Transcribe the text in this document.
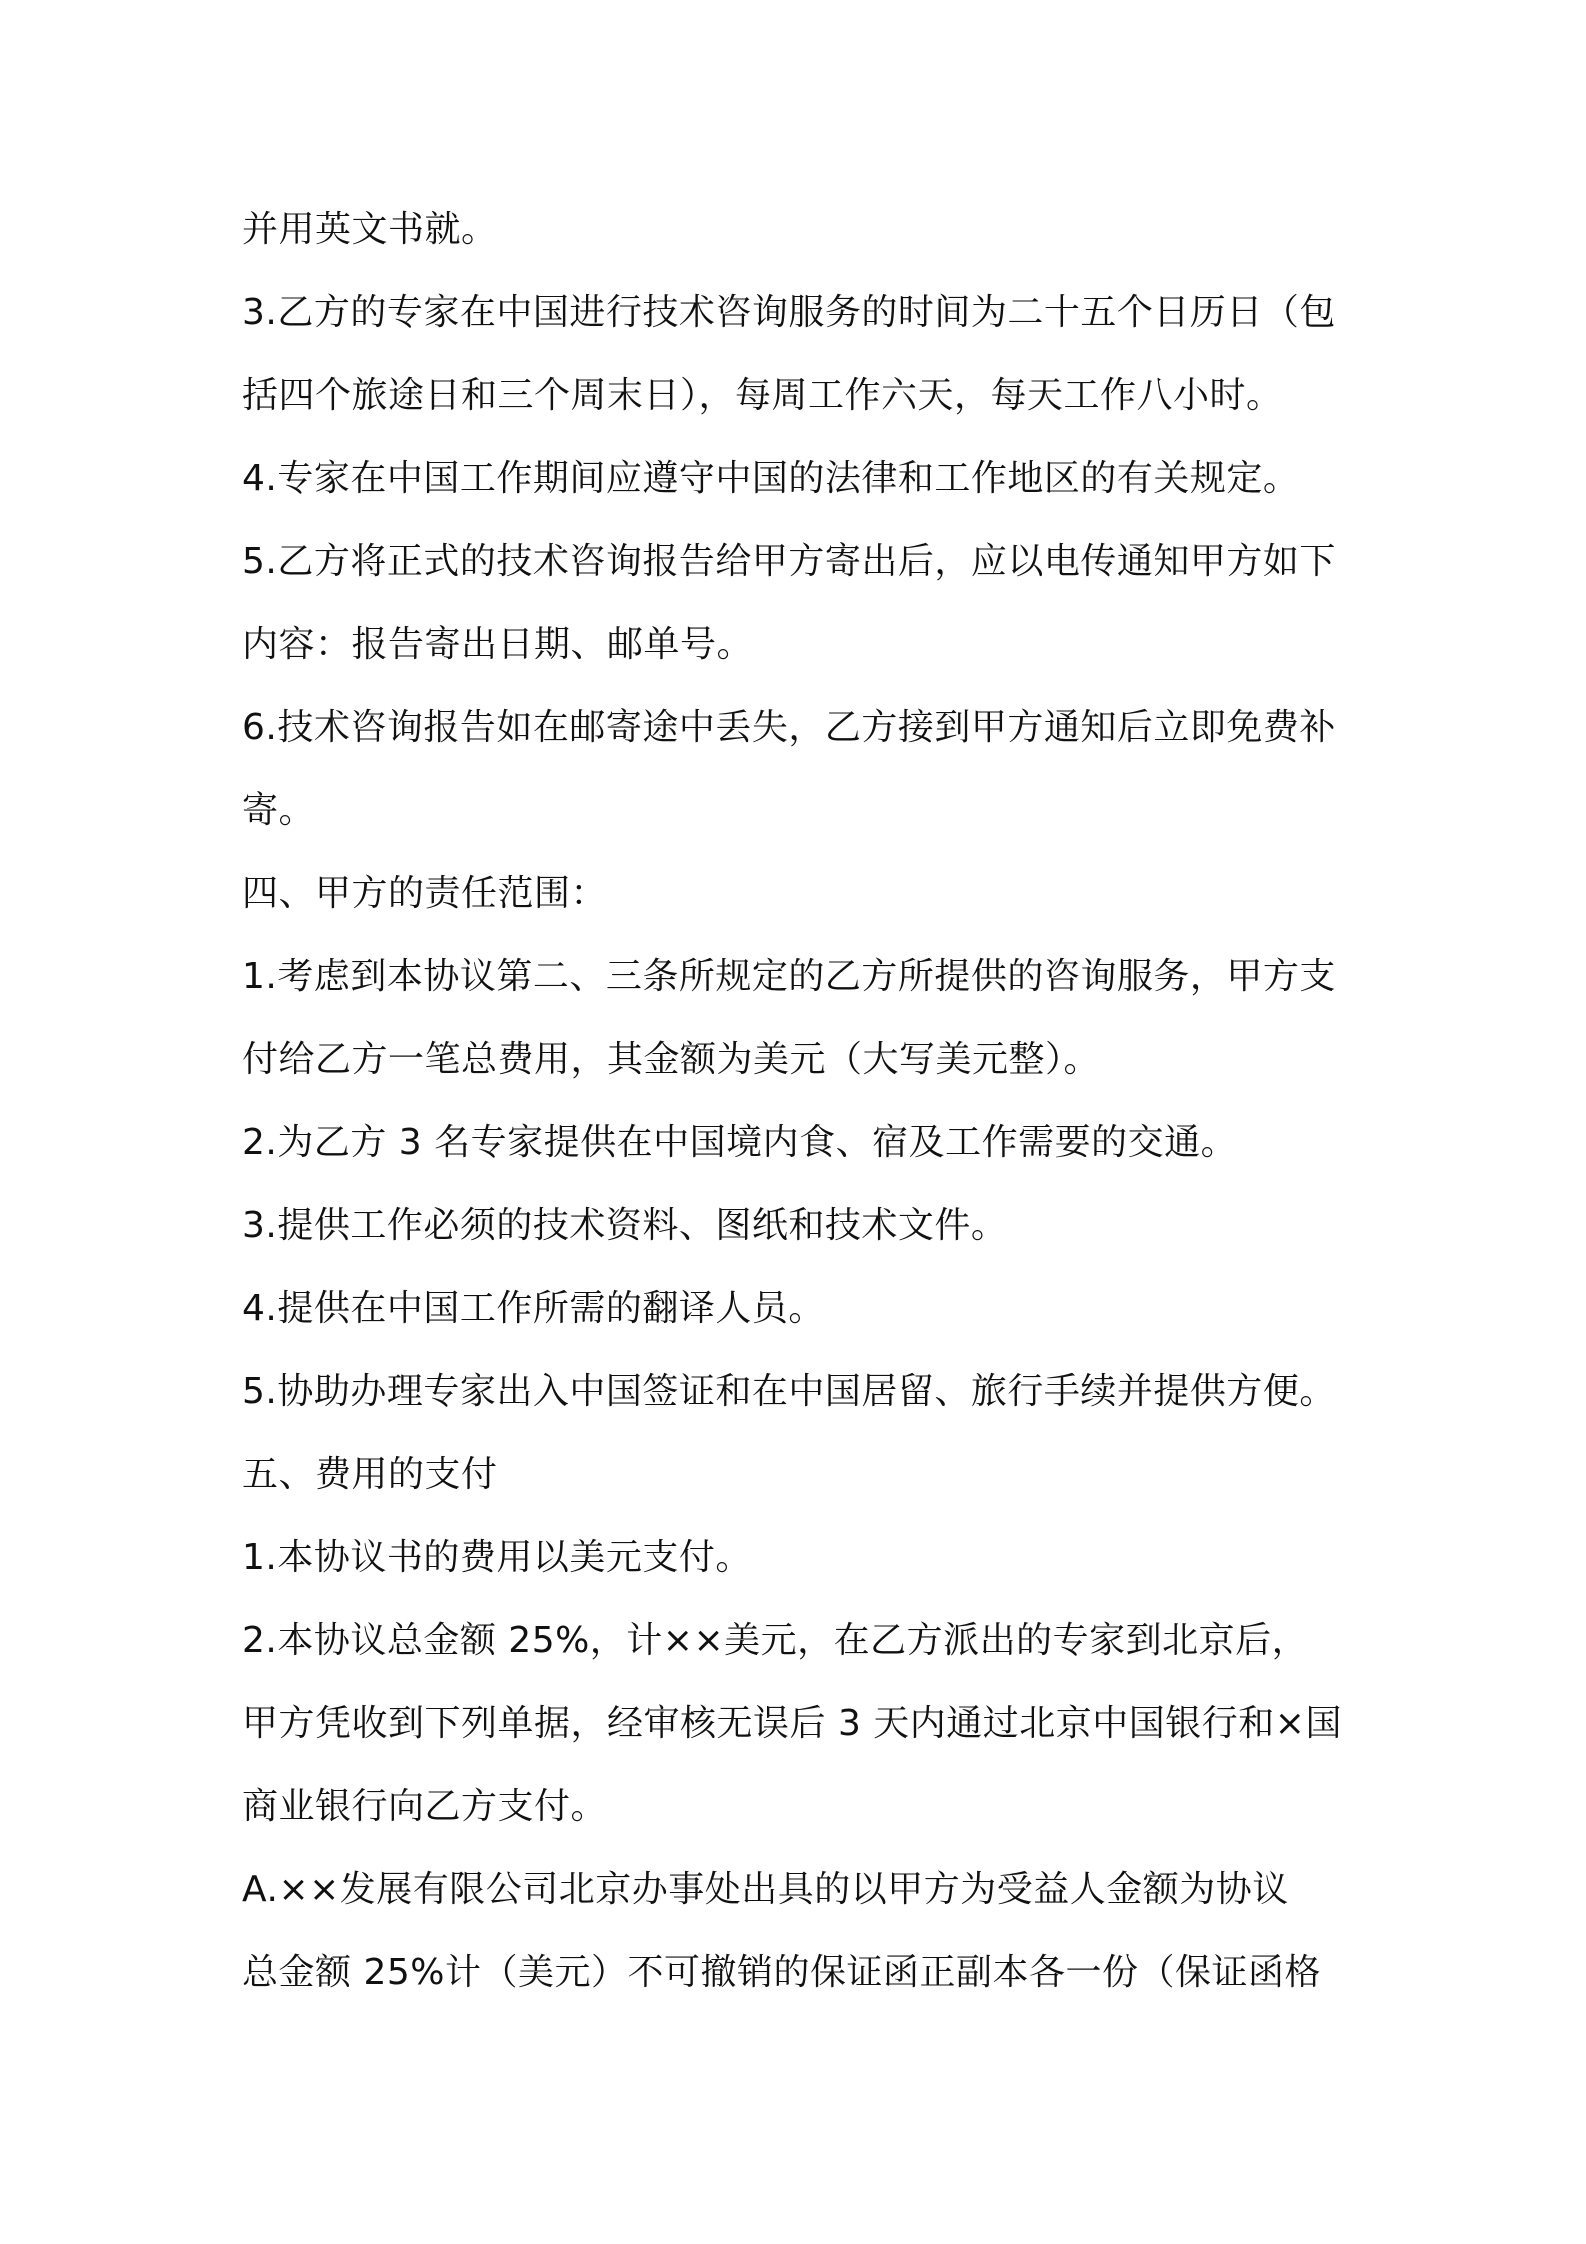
并用英文书就。
3.乙方的专家在中国进行技术咨询服务的时间为二十五个日历日（包
括四个旅途日和三个周末日），每周工作六天，每天工作八小时。
4.专家在中国工作期间应遵守中国的法律和工作地区的有关规定。
5.乙方将正式的技术咨询报告给甲方寄出后，应以电传通知甲方如下
内容：报告寄出日期、邮单号。
6.技术咨询报告如在邮寄途中丢失，乙方接到甲方通知后立即免费补
寄。
四、甲方的责任范围：
1.考虑到本协议第二、三条所规定的乙方所提供的咨询服务，甲方支
付给乙方一笔总费用，其金额为美元（大写美元整）。
2.为乙方 3 名专家提供在中国境内食、宿及工作需要的交通。
3.提供工作必须的技术资料、图纸和技术文件。
4.提供在中国工作所需的翻译人员。
5.协助办理专家出入中国签证和在中国居留、旅行手续并提供方便。
五、费用的支付
1.本协议书的费用以美元支付。
2.本协议总金额 25%，计××美元，在乙方派出的专家到北京后，
甲方凭收到下列单据，经审核无误后 3 天内通过北京中国银行和×国
商业银行向乙方支付。
A.××发展有限公司北京办事处出具的以甲方为受益人金额为协议
总金额 25%计（美元）不可撤销的保证函正副本各一份（保证函格
